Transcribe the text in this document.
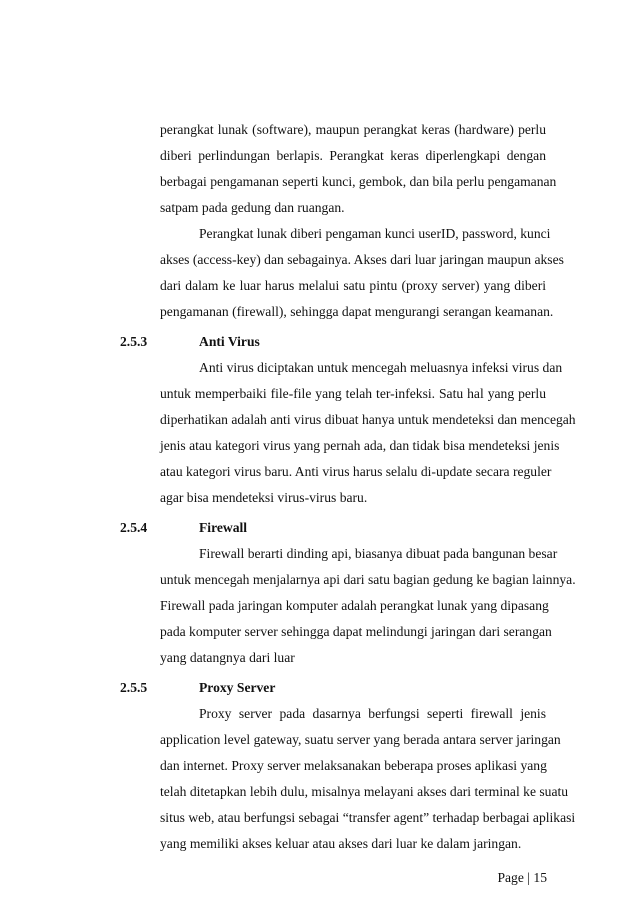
perangkat lunak (software), maupun perangkat keras (hardware) perlu
diberi perlindungan berlapis. Perangkat keras diperlengkapi dengan
berbagai pengamanan seperti kunci, gembok, dan bila perlu pengamanan
satpam pada gedung dan ruangan.
Perangkat lunak diberi pengaman kunci userID, password, kunci
akses (access-key) dan sebagainya. Akses dari luar jaringan maupun akses
dari dalam ke luar harus melalui satu pintu (proxy server) yang diberi
pengamanan (firewall), sehingga dapat mengurangi serangan keamanan.
2.5.3	Anti Virus
Anti virus diciptakan untuk mencegah meluasnya infeksi virus dan
untuk memperbaiki file-file yang telah ter-infeksi. Satu hal yang perlu
diperhatikan adalah anti virus dibuat hanya untuk mendeteksi dan mencegah
jenis atau kategori virus yang pernah ada, dan tidak bisa mendeteksi jenis
atau kategori virus baru. Anti virus harus selalu di-update secara reguler
agar bisa mendeteksi virus-virus baru.
2.5.4	Firewall
Firewall berarti dinding api, biasanya dibuat pada bangunan besar
untuk mencegah menjalarnya api dari satu bagian gedung ke bagian lainnya.
Firewall pada jaringan komputer adalah perangkat lunak yang dipasang
pada komputer server sehingga dapat melindungi jaringan dari serangan
yang datangnya dari luar
2.5.5	Proxy Server
Proxy server pada dasarnya berfungsi seperti firewall jenis
application level gateway, suatu server yang berada antara server jaringan
dan internet. Proxy server melaksanakan beberapa proses aplikasi yang
telah ditetapkan lebih dulu, misalnya melayani akses dari terminal ke suatu
situs web, atau berfungsi sebagai “transfer agent” terhadap berbagai aplikasi
yang memiliki akses keluar atau akses dari luar ke dalam jaringan.
Page | 15
